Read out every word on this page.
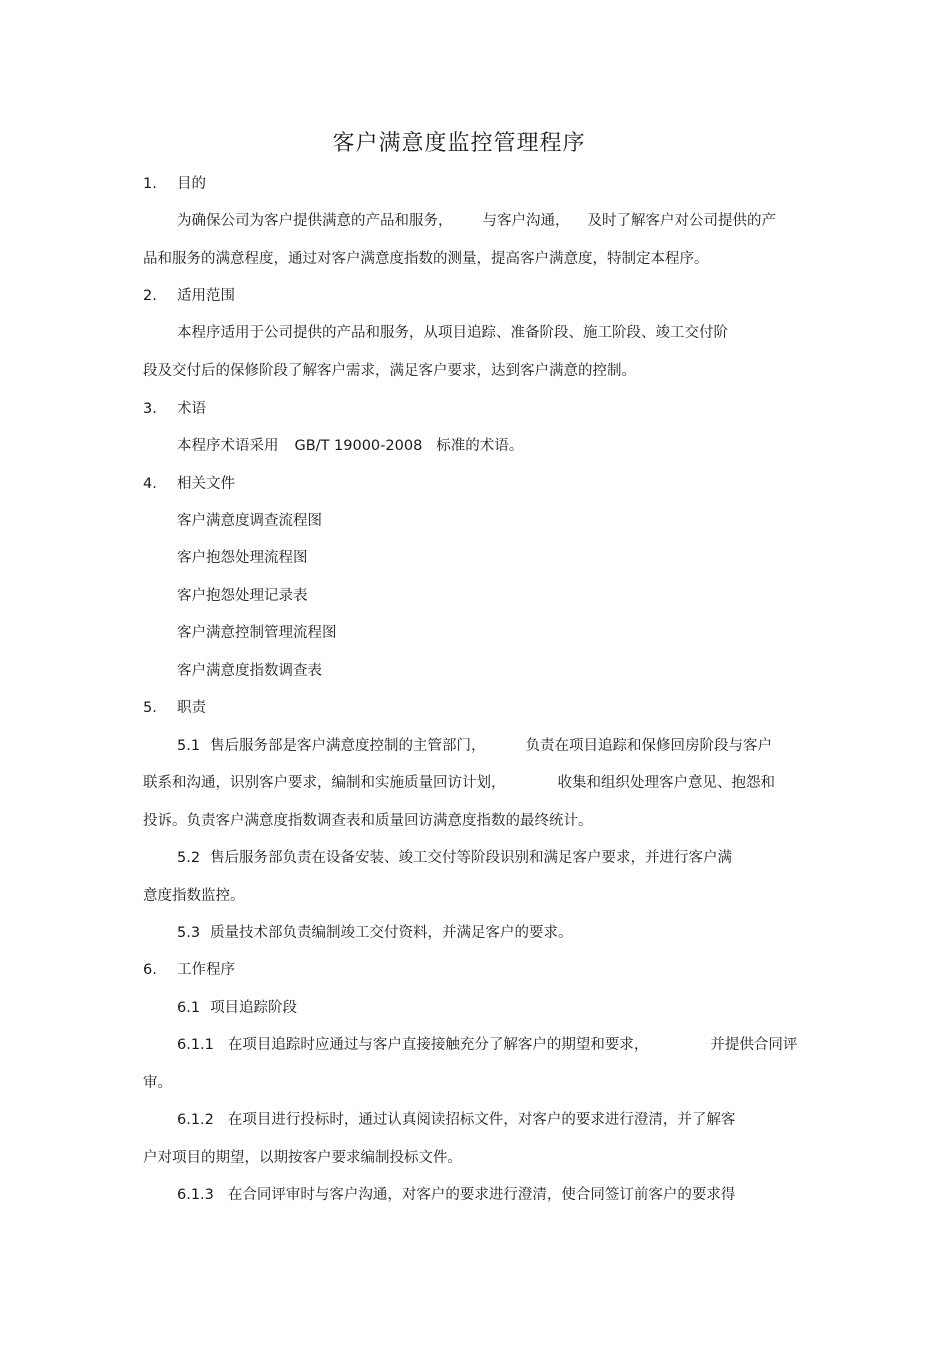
客户满意度监控管理程序
1. 目的
为确保公司为客户提供满意的产品和服务， 与客户沟通， 及时了解客户对公司提供的产
品和服务的满意程度，通过对客户满意度指数的测量，提高客户满意度，特制定本程序。
2. 适用范围
本程序适用于公司提供的产品和服务，从项目追踪、准备阶段、施工阶段、竣工交付阶
段及交付后的保修阶段了解客户需求，满足客户要求，达到客户满意的控制。
3. 术语
本程序术语采用 GB/T 19000-2008 标准的术语。
4. 相关文件
客户满意度调查流程图
客户抱怨处理流程图
客户抱怨处理记录表
客户满意控制管理流程图
客户满意度指数调查表
5. 职责
5.1 售后服务部是客户满意度控制的主管部门，	负责在项目追踪和保修回房阶段与客户
联系和沟通，识别客户要求，编制和实施质量回访计划，	收集和组织处理客户意见、抱怨和
投诉。负责客户满意度指数调查表和质量回访满意度指数的最终统计。
5.2 售后服务部负责在设备安装、竣工交付等阶段识别和满足客户要求，并进行客户满
意度指数监控。
5.3 质量技术部负责编制竣工交付资料，并满足客户的要求。
6. 工作程序
6.1 项目追踪阶段
6.1.1 在项目追踪时应通过与客户直接接触充分了解客户的期望和要求，	并提供合同评
审。
6.1.2 在项目进行投标时，通过认真阅读招标文件，对客户的要求进行澄清，并了解客
户对项目的期望，以期按客户要求编制投标文件。
6.1.3 在合同评审时与客户沟通，对客户的要求进行澄清，使合同签订前客户的要求得
